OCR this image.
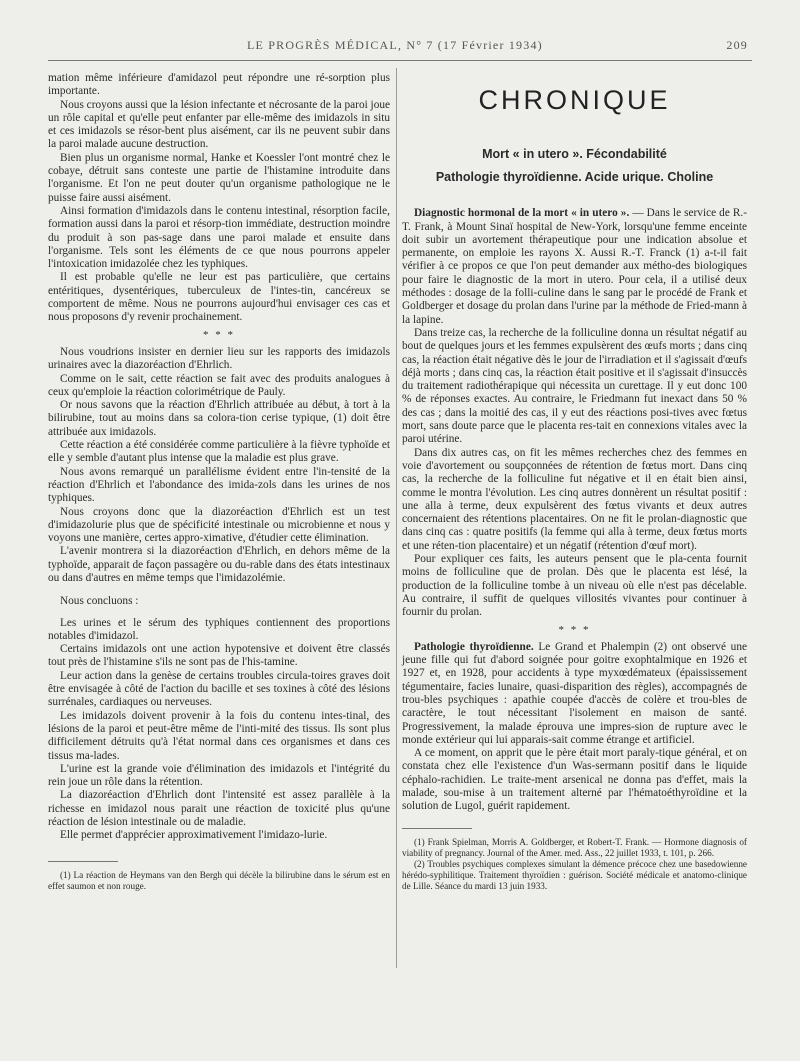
LE PROGRÈS MÉDICAL, N° 7 (17 Février 1934)	209

mation même inférieure d'amidazol peut répondre une ré-sorption plus importante.

Nous croyons aussi que la lésion infectante et nécrosante de la paroi joue un rôle capital et qu'elle peut enfanter par elle-même des imidazols in situ et ces imidazols se résor-bent plus aisément, car ils ne peuvent subir dans la paroi malade aucune destruction.

Bien plus un organisme normal, Hanke et Koessler l'ont montré chez le cobaye, détruit sans conteste une partie de l'histamine introduite dans l'organisme. Et l'on ne peut douter qu'un organisme pathologique ne le puisse faire aussi aisément.

Ainsi formation d'imidazols dans le contenu intestinal, résorption facile, formation aussi dans la paroi et résorp-tion immédiate, destruction moindre du produit à son pas-sage dans une paroi malade et ensuite dans l'organisme. Tels sont les éléments de ce que nous pourrons appeler l'intoxication imidazolée chez les typhiques.

Il est probable qu'elle ne leur est pas particulière, que certains entéritiques, dysentériques, tuberculeux de l'intes-tin, cancéreux se comportent de même. Nous ne pourrons aujourd'hui envisager ces cas et nous proposons d'y revenir prochainement.

* * *

Nous voudrions insister en dernier lieu sur les rapports des imidazols urinaires avec la diazoréaction d'Ehrlich.

Comme on le sait, cette réaction se fait avec des produits analogues à ceux qu'emploie la réaction colorimétrique de Pauly.

Or nous savons que la réaction d'Ehrlich attribuée au début, à tort à la bilirubine, tout au moins dans sa colora-tion cerise typique, (1) doit être attribuée aux imidazols.

Cette réaction a été considérée comme particulière à la fièvre typhoïde et elle y semble d'autant plus intense que la maladie est plus grave.

Nous avons remarqué un parallélisme évident entre l'in-tensité de la réaction d'Ehrlich et l'abondance des imida-zols dans les urines de nos typhiques.

Nous croyons donc que la diazoréaction d'Ehrlich est un test d'imidazolurie plus que de spécificité intestinale ou microbienne et nous y voyons une manière, certes appro-ximative, d'étudier cette élimination.

L'avenir montrera si la diazoréaction d'Ehrlich, en dehors même de la typhoïde, apparait de façon passagère ou du-rable dans des états intestinaux ou dans d'autres en même temps que l'imidazolémie.

Nous concluons :

Les urines et le sérum des typhiques contiennent des proportions notables d'imidazol.

Certains imidazols ont une action hypotensive et doivent être classés tout près de l'histamine s'ils ne sont pas de l'his-tamine.

Leur action dans la genèse de certains troubles circula-toires graves doit être envisagée à côté de l'action du bacille et ses toxines à côté des lésions surrénales, cardiaques ou nerveuses.

Les imidazols doivent provenir à la fois du contenu intes-tinal, des lésions de la paroi et peut-être même de l'inti-mité des tissus. Ils sont plus difficilement détruits qu'à l'état normal dans ces organismes et dans ces tissus ma-lades.

L'urine est la grande voie d'élimination des imidazols et l'intégrité du rein joue un rôle dans la rétention.

La diazoréaction d'Ehrlich dont l'intensité est assez parallèle à la richesse en imidazol nous parait une réaction de toxicité plus qu'une réaction de lésion intestinale ou de maladie.

Elle permet d'apprécier approximativement l'imidazo-lurie.

(1) La réaction de Heymans van den Bergh qui décèle la bilirubine dans le sérum est en effet saumon et non rouge.

CHRONIQUE

Mort « in utero ». Fécondabilité

Pathologie thyroïdienne. Acide urique. Choline

Diagnostic hormonal de la mort « in utero ». — Dans le service de R.-T. Frank, à Mount Sinaï hospital de New-York, lorsqu'une femme enceinte doit subir un avortement thérapeutique pour une indication absolue et permanente, on emploie les rayons X. Aussi R.-T. Franck (1) a-t-il fait vérifier à ce propos ce que l'on peut demander aux métho-des biologiques pour faire le diagnostic de la mort in utero. Pour cela, il a utilisé deux méthodes : dosage de la folli-culine dans le sang par le procédé de Frank et Goldberger et dosage du prolan dans l'urine par la méthode de Fried-mann à la lapine.

Dans treize cas, la recherche de la folliculine donna un résultat négatif au bout de quelques jours et les femmes expulsèrent des œufs morts ; dans cinq cas, la réaction était négative dès le jour de l'irradiation et il s'agissait d'œufs déjà morts ; dans cinq cas, la réaction était positive et il s'agissait d'insuccès du traitement radiothérapique qui nécessita un curettage. Il y eut donc 100 % de réponses exactes. Au contraire, le Friedmann fut inexact dans 50 % des cas ; dans la moitié des cas, il y eut des réactions posi-tives avec fœtus mort, sans doute parce que le placenta res-tait en connexions vitales avec la paroi utérine.

Dans dix autres cas, on fit les mêmes recherches chez des femmes en voie d'avortement ou soupçonnées de rétention de fœtus mort. Dans cinq cas, la recherche de la folliculine fut négative et il en était bien ainsi, comme le montra l'évolution. Les cinq autres donnèrent un résultat positif : une alla à terme, deux expulsèrent des fœtus vivants et deux autres concernaient des rétentions placentaires. On ne fit le prolan-diagnostic que dans cinq cas : quatre positifs (la femme qui alla à terme, deux fœtus morts et une réten-tion placentaire) et un négatif (rétention d'œuf mort).

Pour expliquer ces faits, les auteurs pensent que le pla-centa fournit moins de folliculine que de prolan. Dès que le placenta est lésé, la production de la folliculine tombe à un niveau où elle n'est pas décelable. Au contraire, il suffit de quelques villosités vivantes pour continuer à fournir du prolan.

* * *

Pathologie thyroïdienne. Le Grand et Phalempin (2) ont observé une jeune fille qui fut d'abord soignée pour goitre exophtalmique en 1926 et 1927 et, en 1928, pour accidents à type myxœdémateux (épaississement tégumentaire, facies lunaire, quasi-disparition des règles), accompagnés de trou-bles psychiques : apathie coupée d'accès de colère et trou-bles de caractère, le tout nécessitant l'isolement en maison de santé. Progressivement, la malade éprouva une impres-sion de rupture avec le monde extérieur qui lui apparais-sait comme étrange et artificiel.

A ce moment, on apprit que le père était mort paraly-tique général, et on constata chez elle l'existence d'un Was-sermann positif dans le liquide céphalo-rachidien. Le traite-ment arsenical ne donna pas d'effet, mais la malade, sou-mise à un traitement alterné par l'hématoéthyroïdine et la solution de Lugol, guérit rapidement.

(1) Frank Spielman, Morris A. Goldberger, et Robert-T. Frank. — Hormone diagnosis of viability of pregnancy. Journal of the Amer. med. Ass., 22 juillet 1933, t. 101, p. 266.

(2) Troubles psychiques complexes simulant la démence précoce chez une basedowienne hérédo-syphilitique. Traitement thyroïdien : guérison. Société médicale et anatomo-clinique de Lille. Séance du mardi 13 juin 1933.
